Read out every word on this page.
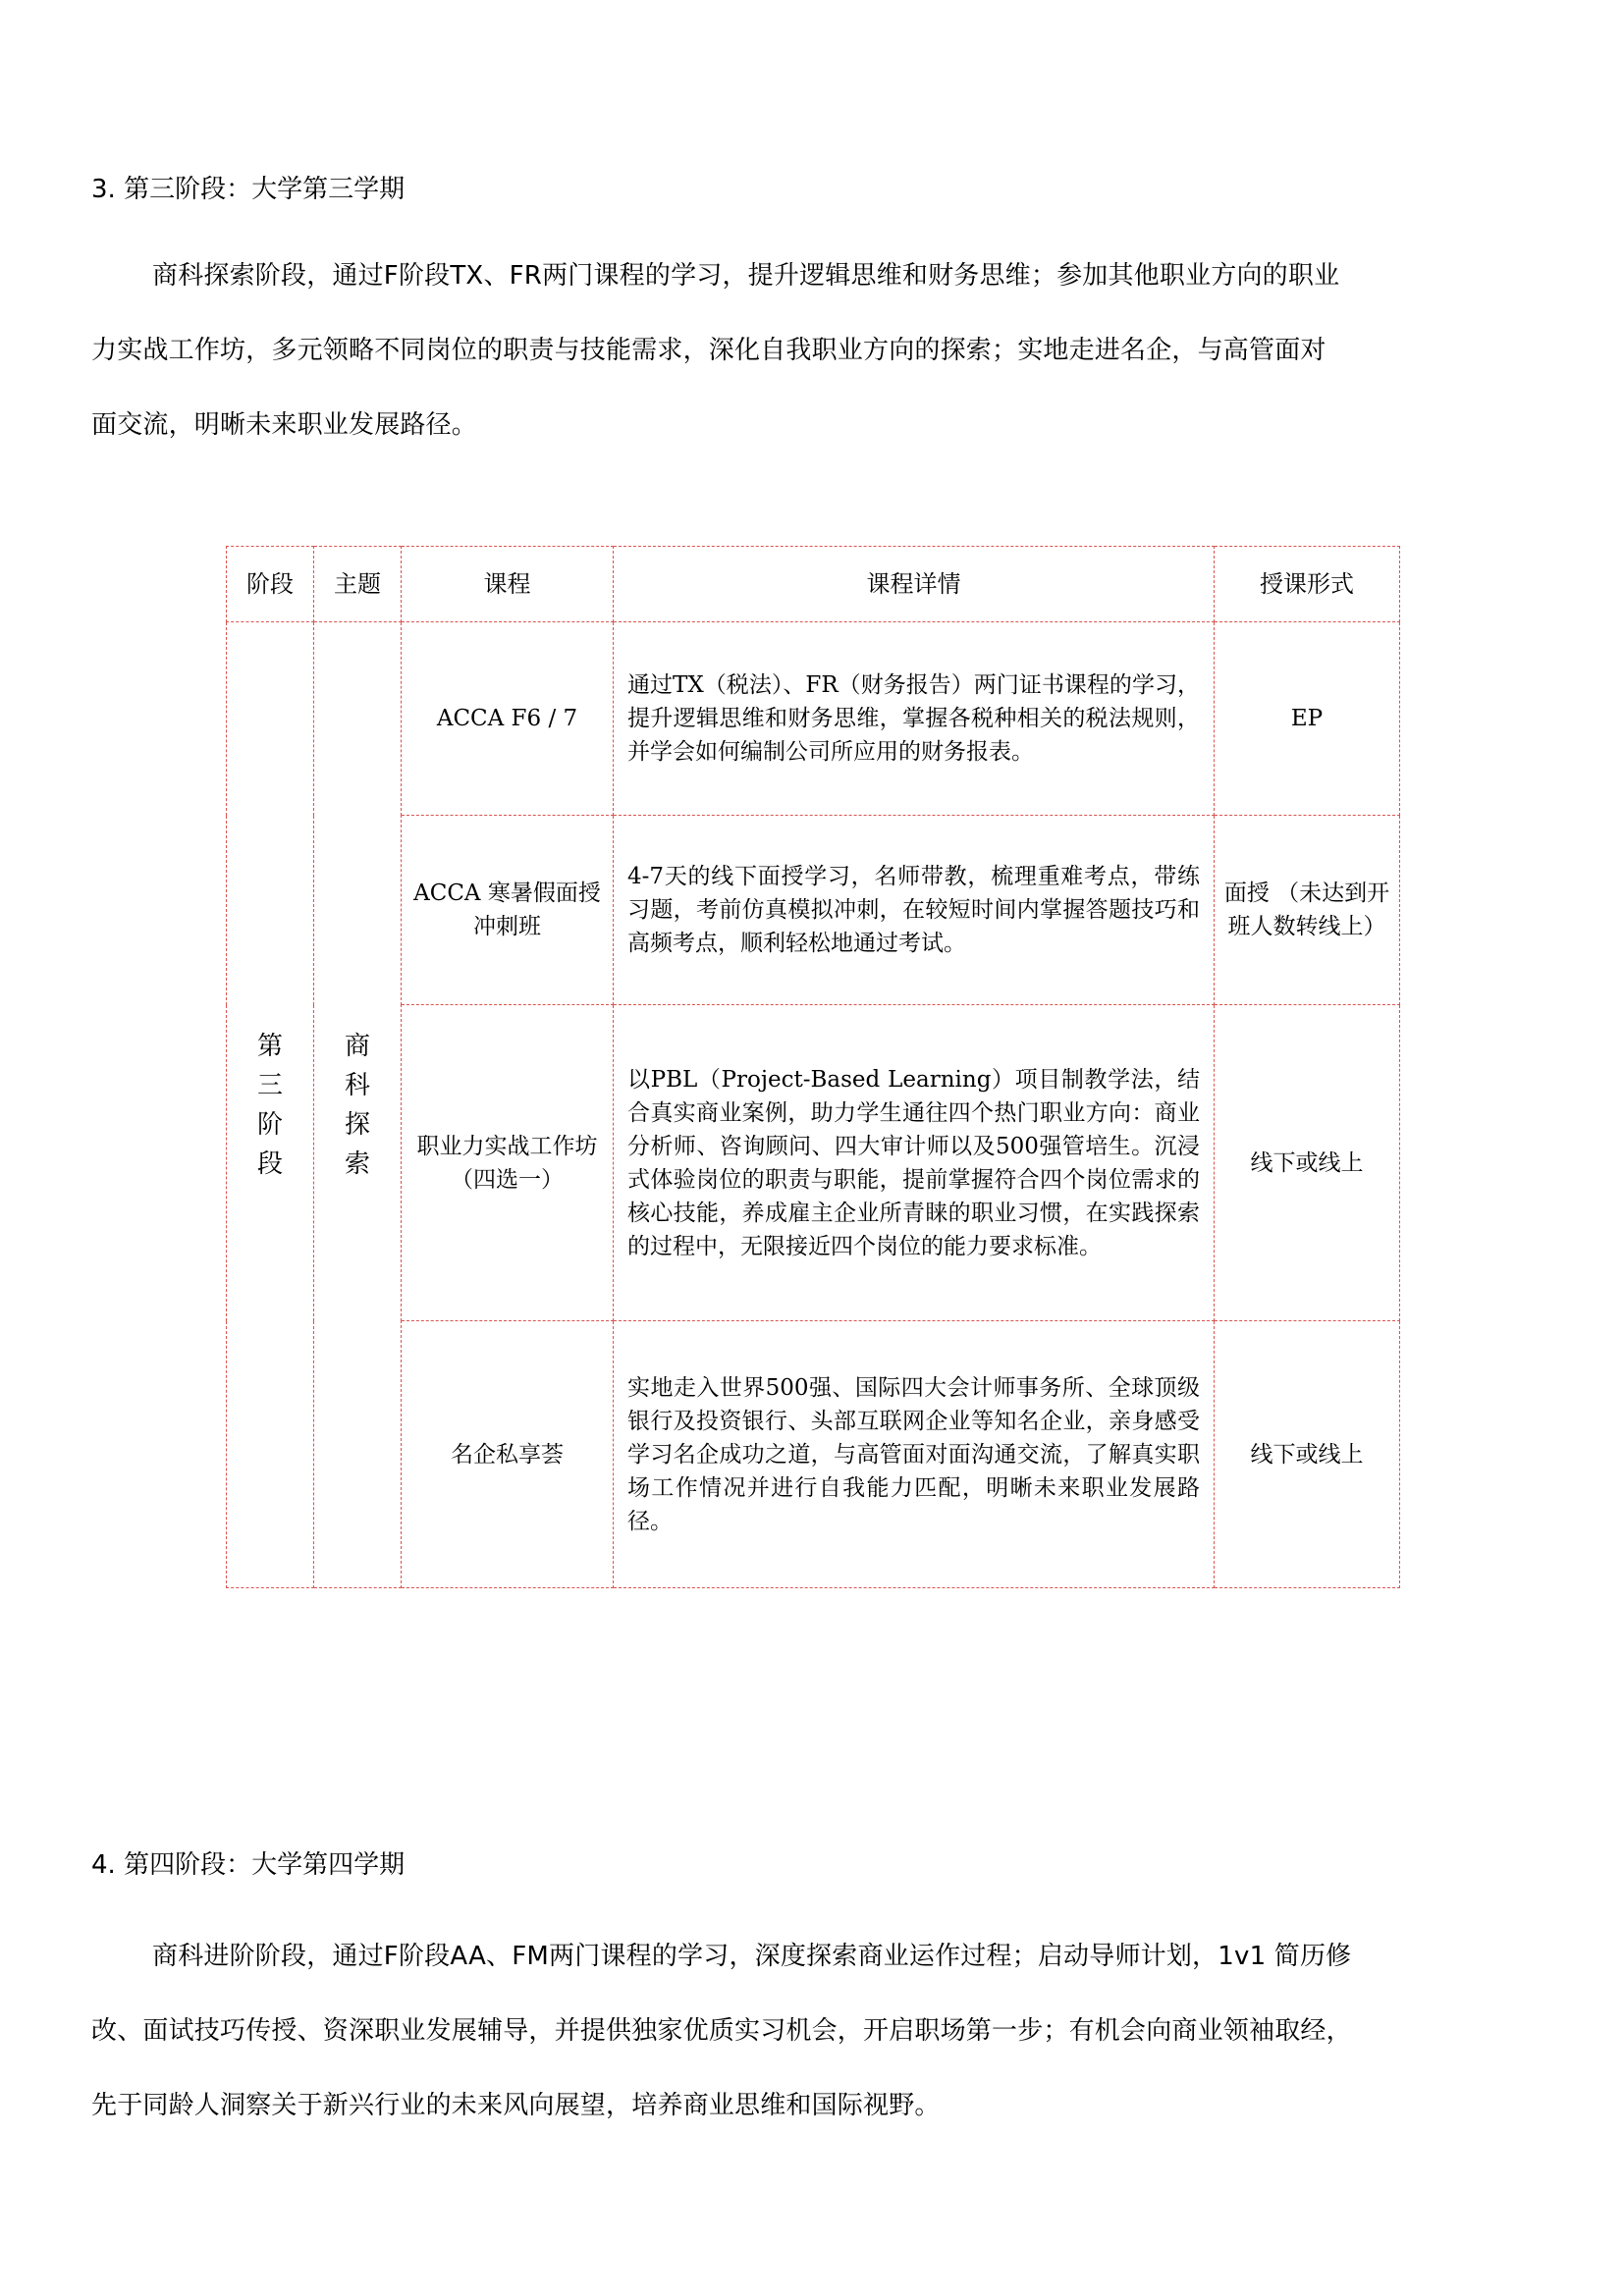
3. 第三阶段：大学第三学期
商科探索阶段，通过F阶段TX、FR两门课程的学习，提升逻辑思维和财务思维；参加其他职业方向的职业
力实战工作坊，多元领略不同岗位的职责与技能需求，深化自我职业方向的探索；实地走进名企，与高管面对
面交流，明晰未来职业发展路径。
阶段	主题	课程	课程详情	授课形式
第三阶段	商科探索	ACCA F6 / 7	通过TX（税法）、FR（财务报告）两门证书课程的学习，提升逻辑思维和财务思维，掌握各税种相关的税法规则，并学会如何编制公司所应用的财务报表。	EP
		ACCA 寒暑假面授冲刺班	4-7天的线下面授学习，名师带教，梳理重难考点，带练习题，考前仿真模拟冲刺，在较短时间内掌握答题技巧和高频考点，顺利轻松地通过考试。	面授 （未达到开班人数转线上）
		职业力实战工作坊（四选一）	以PBL（Project-Based Learning）项目制教学法，结合真实商业案例，助力学生通往四个热门职业方向：商业分析师、咨询顾问、四大审计师以及500强管培生。沉浸式体验岗位的职责与职能，提前掌握符合四个岗位需求的核心技能，养成雇主企业所青睐的职业习惯，在实践探索的过程中，无限接近四个岗位的能力要求标准。	线下或线上
		名企私享荟	实地走入世界500强、国际四大会计师事务所、全球顶级银行及投资银行、头部互联网企业等知名企业，亲身感受学习名企成功之道，与高管面对面沟通交流，了解真实职场工作情况并进行自我能力匹配，明晰未来职业发展路径。	线下或线上
4. 第四阶段：大学第四学期
商科进阶阶段，通过F阶段AA、FM两门课程的学习，深度探索商业运作过程；启动导师计划，1v1 简历修
改、面试技巧传授、资深职业发展辅导，并提供独家优质实习机会，开启职场第一步；有机会向商业领袖取经，
先于同龄人洞察关于新兴行业的未来风向展望，培养商业思维和国际视野。
